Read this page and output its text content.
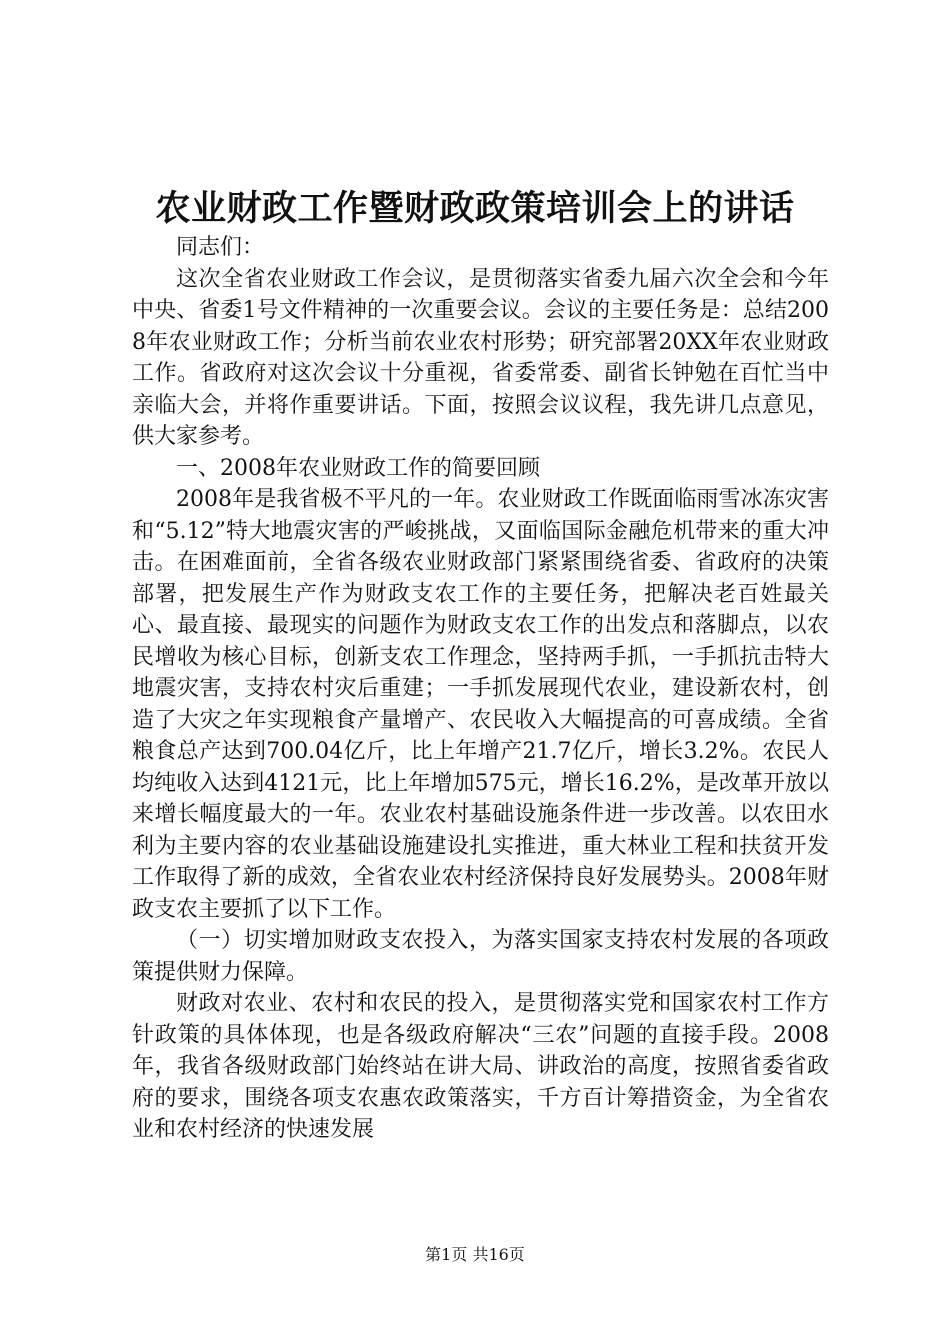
农业财政工作暨财政政策培训会上的讲话

同志们：

这次全省农业财政工作会议，是贯彻落实省委九届六次全会和今年中央、省委1号文件精神的一次重要会议。会议的主要任务是：总结2008年农业财政工作；分析当前农业农村形势；研究部署20XX年农业财政工作。省政府对这次会议十分重视，省委常委、副省长钟勉在百忙当中亲临大会，并将作重要讲话。下面，按照会议议程，我先讲几点意见，供大家参考。

一、2008年农业财政工作的简要回顾

2008年是我省极不平凡的一年。农业财政工作既面临雨雪冰冻灾害和“5.12”特大地震灾害的严峻挑战，又面临国际金融危机带来的重大冲击。在困难面前，全省各级农业财政部门紧紧围绕省委、省政府的决策部署，把发展生产作为财政支农工作的主要任务，把解决老百姓最关心、最直接、最现实的问题作为财政支农工作的出发点和落脚点，以农民增收为核心目标，创新支农工作理念，坚持两手抓，一手抓抗击特大地震灾害，支持农村灾后重建；一手抓发展现代农业，建设新农村，创造了大灾之年实现粮食产量增产、农民收入大幅提高的可喜成绩。全省粮食总产达到700.04亿斤，比上年增产21.7亿斤，增长3.2%。农民人均纯收入达到4121元，比上年增加575元，增长16.2%，是改革开放以来增长幅度最大的一年。农业农村基础设施条件进一步改善。以农田水利为主要内容的农业基础设施建设扎实推进，重大林业工程和扶贫开发工作取得了新的成效，全省农业农村经济保持良好发展势头。2008年财政支农主要抓了以下工作。

（一）切实增加财政支农投入，为落实国家支持农村发展的各项政策提供财力保障。

财政对农业、农村和农民的投入，是贯彻落实党和国家农村工作方针政策的具体体现，也是各级政府解决“三农”问题的直接手段。2008年，我省各级财政部门始终站在讲大局、讲政治的高度，按照省委省政府的要求，围绕各项支农惠农政策落实，千方百计筹措资金，为全省农业和农村经济的快速发展

第1页 共16页
